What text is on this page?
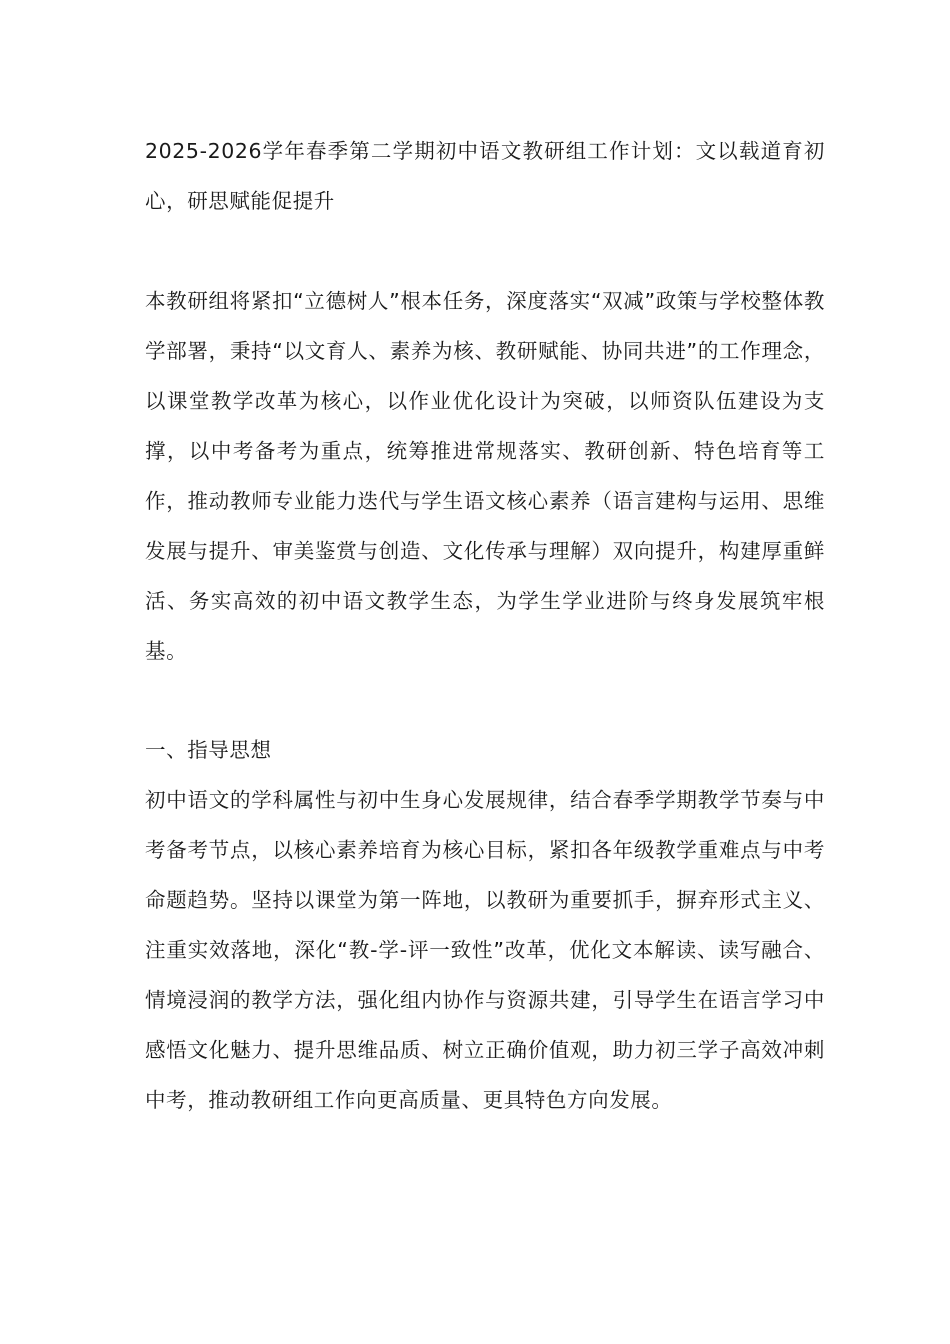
2025-2026学年春季第二学期初中语文教研组工作计划：文以载道育初心，研思赋能促提升

本教研组将紧扣“立德树人”根本任务，深度落实“双减”政策与学校整体教学部署，秉持“以文育人、素养为核、教研赋能、协同共进”的工作理念，以课堂教学改革为核心，以作业优化设计为突破，以师资队伍建设为支撑，以中考备考为重点，统筹推进常规落实、教研创新、特色培育等工作，推动教师专业能力迭代与学生语文核心素养（语言建构与运用、思维发展与提升、审美鉴赏与创造、文化传承与理解）双向提升，构建厚重鲜活、务实高效的初中语文教学生态，为学生学业进阶与终身发展筑牢根基。

一、指导思想

初中语文的学科属性与初中生身心发展规律，结合春季学期教学节奏与中考备考节点，以核心素养培育为核心目标，紧扣各年级教学重难点与中考命题趋势。坚持以课堂为第一阵地，以教研为重要抓手，摒弃形式主义、注重实效落地，深化“教-学-评一致性”改革，优化文本解读、读写融合、情境浸润的教学方法，强化组内协作与资源共建，引导学生在语言学习中感悟文化魅力、提升思维品质、树立正确价值观，助力初三学子高效冲刺中考，推动教研组工作向更高质量、更具特色方向发展。
